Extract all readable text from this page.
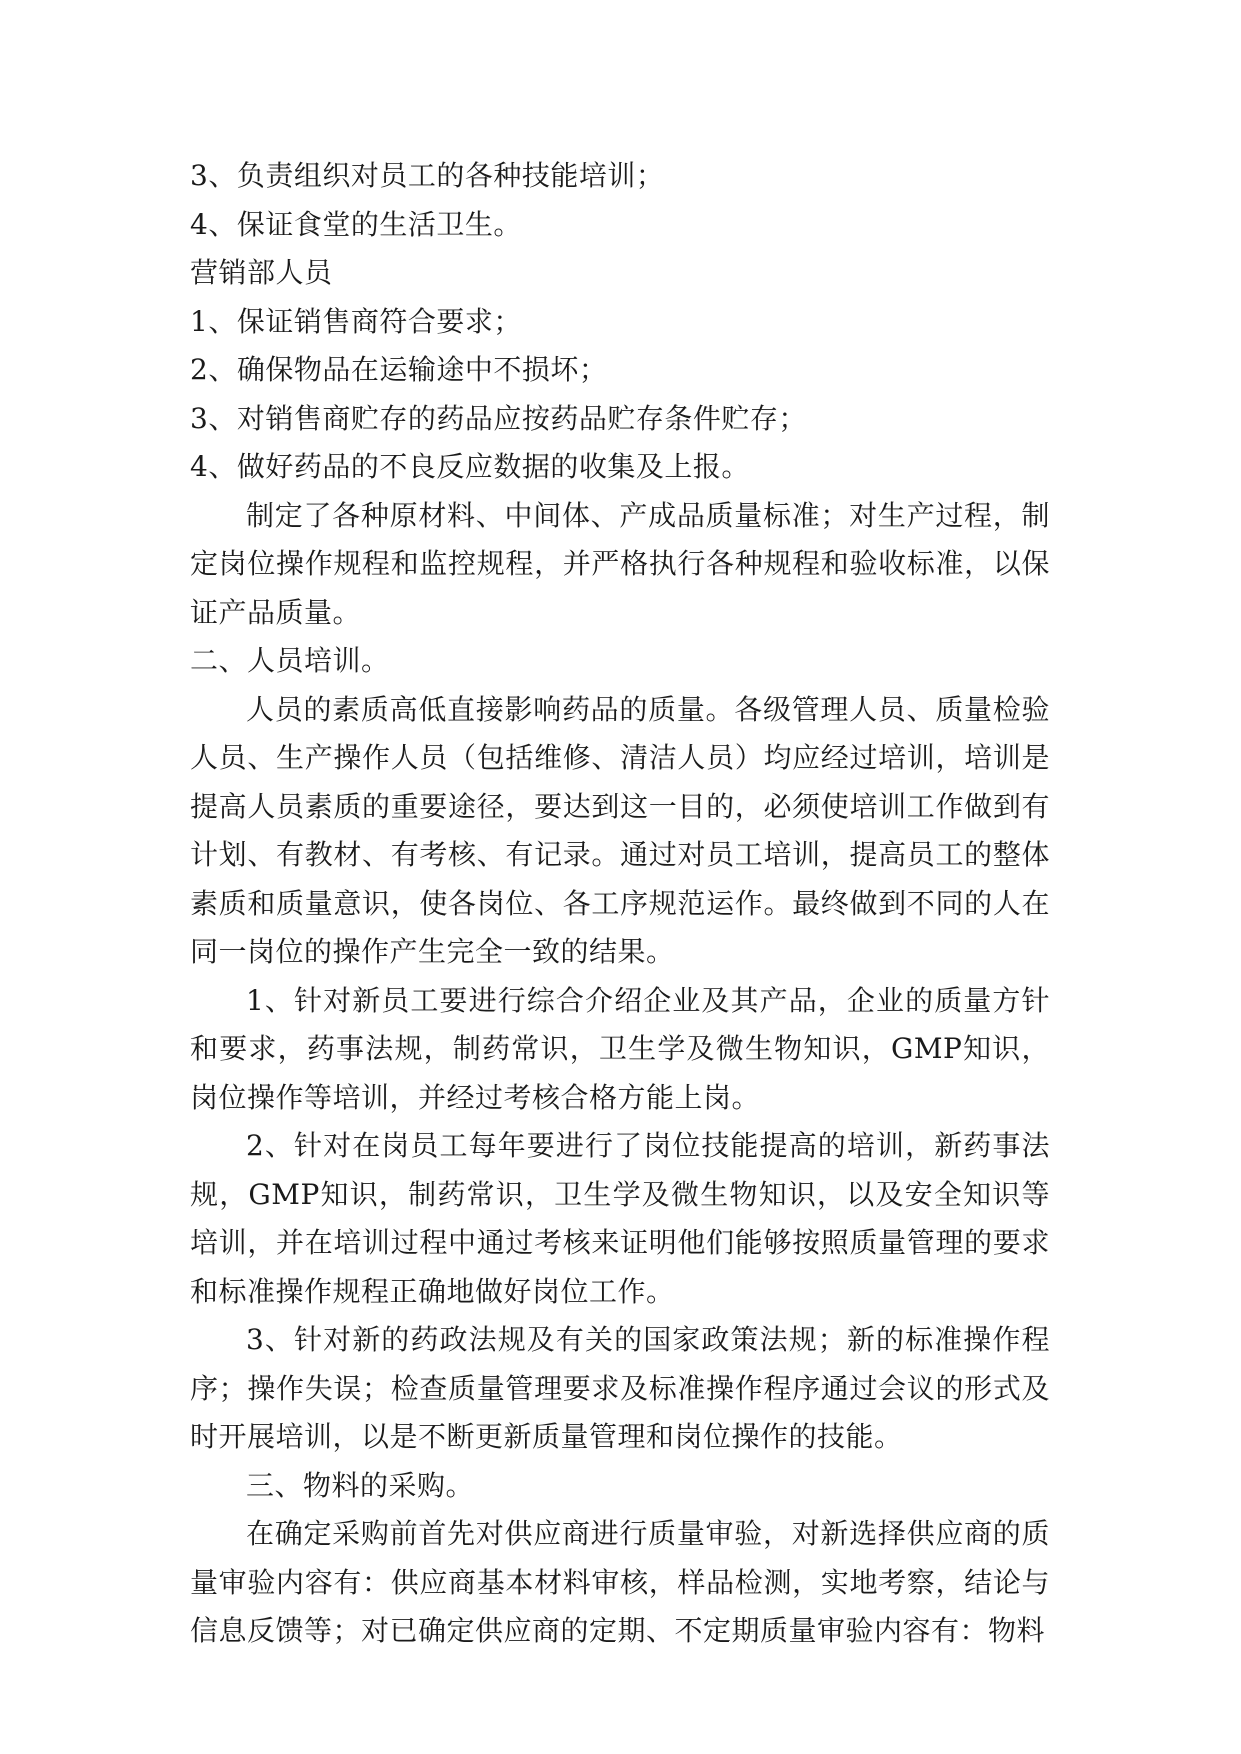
3、负责组织对员工的各种技能培训；
4、保证食堂的生活卫生。
营销部人员
1、保证销售商符合要求；
2、确保物品在运输途中不损坏；
3、对销售商贮存的药品应按药品贮存条件贮存；
4、做好药品的不良反应数据的收集及上报。

制定了各种原材料、中间体、产成品质量标准；对生产过程，制定岗位操作规程和监控规程，并严格执行各种规程和验收标准，以保证产品质量。

二、人员培训。

人员的素质高低直接影响药品的质量。各级管理人员、质量检验人员、生产操作人员（包括维修、清洁人员）均应经过培训，培训是提高人员素质的重要途径，要达到这一目的，必须使培训工作做到有计划、有教材、有考核、有记录。通过对员工培训，提高员工的整体素质和质量意识，使各岗位、各工序规范运作。最终做到不同的人在同一岗位的操作产生完全一致的结果。

1、针对新员工要进行综合介绍企业及其产品，企业的质量方针和要求，药事法规，制药常识，卫生学及微生物知识，GMP知识，岗位操作等培训，并经过考核合格方能上岗。

2、针对在岗员工每年要进行了岗位技能提高的培训，新药事法规，GMP知识，制药常识，卫生学及微生物知识，以及安全知识等培训，并在培训过程中通过考核来证明他们能够按照质量管理的要求和标准操作规程正确地做好岗位工作。

3、针对新的药政法规及有关的国家政策法规；新的标准操作程序；操作失误；检查质量管理要求及标准操作程序通过会议的形式及时开展培训，以是不断更新质量管理和岗位操作的技能。

三、物料的采购。

在确定采购前首先对供应商进行质量审验，对新选择供应商的质量审验内容有：供应商基本材料审核，样品检测，实地考察，结论与信息反馈等；对已确定供应商的定期、不定期质量审验内容有：物料
